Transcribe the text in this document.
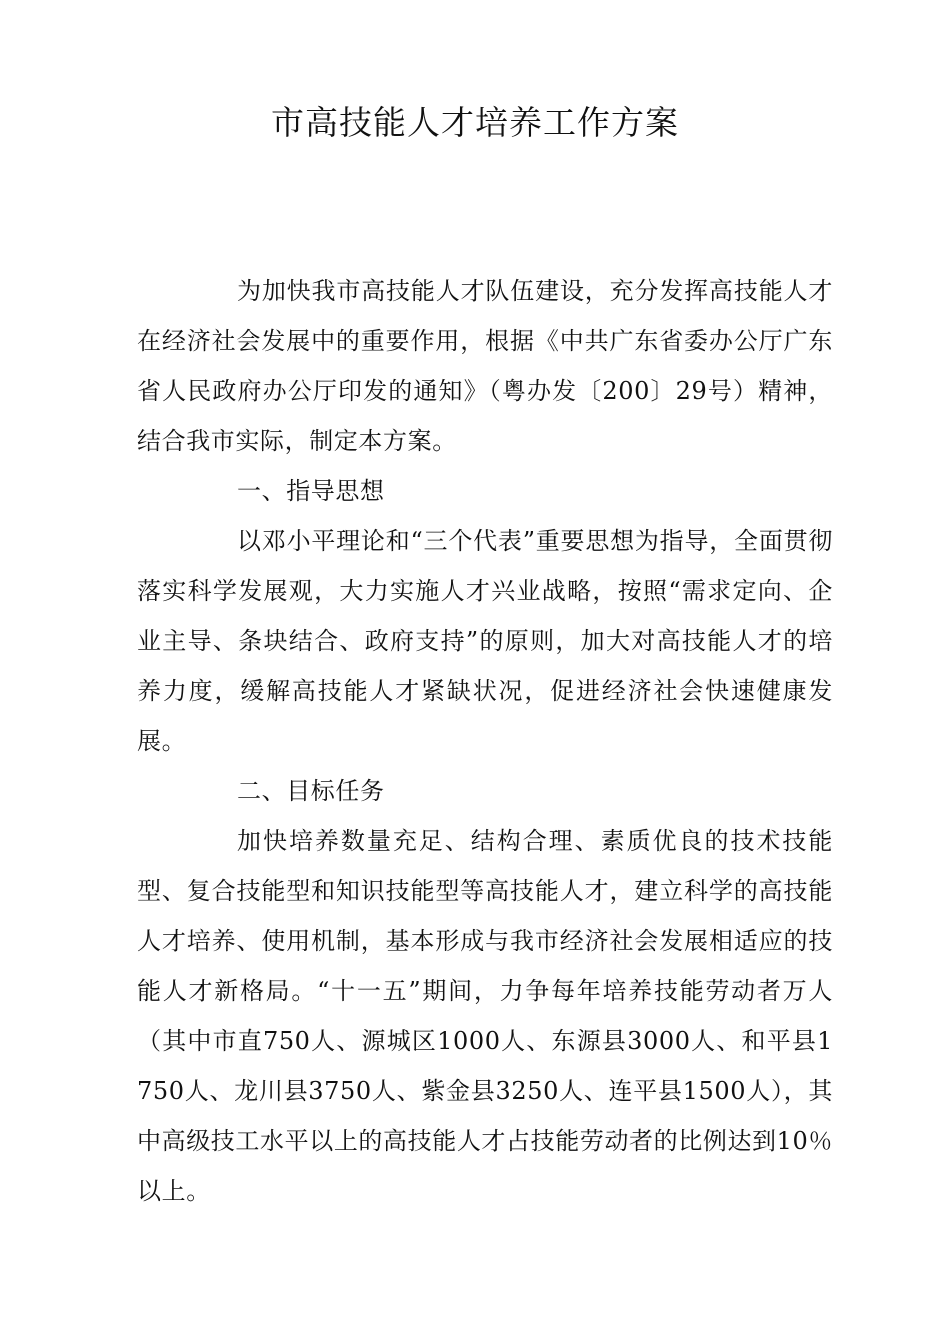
市高技能人才培养工作方案

为加快我市高技能人才队伍建设，充分发挥高技能人才在经济社会发展中的重要作用，根据《中共广东省委办公厅广东省人民政府办公厅印发的通知》（粤办发〔200〕29号）精神，结合我市实际，制定本方案。

一、指导思想

以邓小平理论和“三个代表”重要思想为指导，全面贯彻落实科学发展观，大力实施人才兴业战略，按照“需求定向、企业主导、条块结合、政府支持”的原则，加大对高技能人才的培养力度，缓解高技能人才紧缺状况，促进经济社会快速健康发展。

二、目标任务

加快培养数量充足、结构合理、素质优良的技术技能型、复合技能型和知识技能型等高技能人才，建立科学的高技能人才培养、使用机制，基本形成与我市经济社会发展相适应的技能人才新格局。“十一五”期间，力争每年培养技能劳动者万人（其中市直750人、源城区1000人、东源县3000人、和平县1750人、龙川县3750人、紫金县3250人、连平县1500人），其中高级技工水平以上的高技能人才占技能劳动者的比例达到10％以上。
